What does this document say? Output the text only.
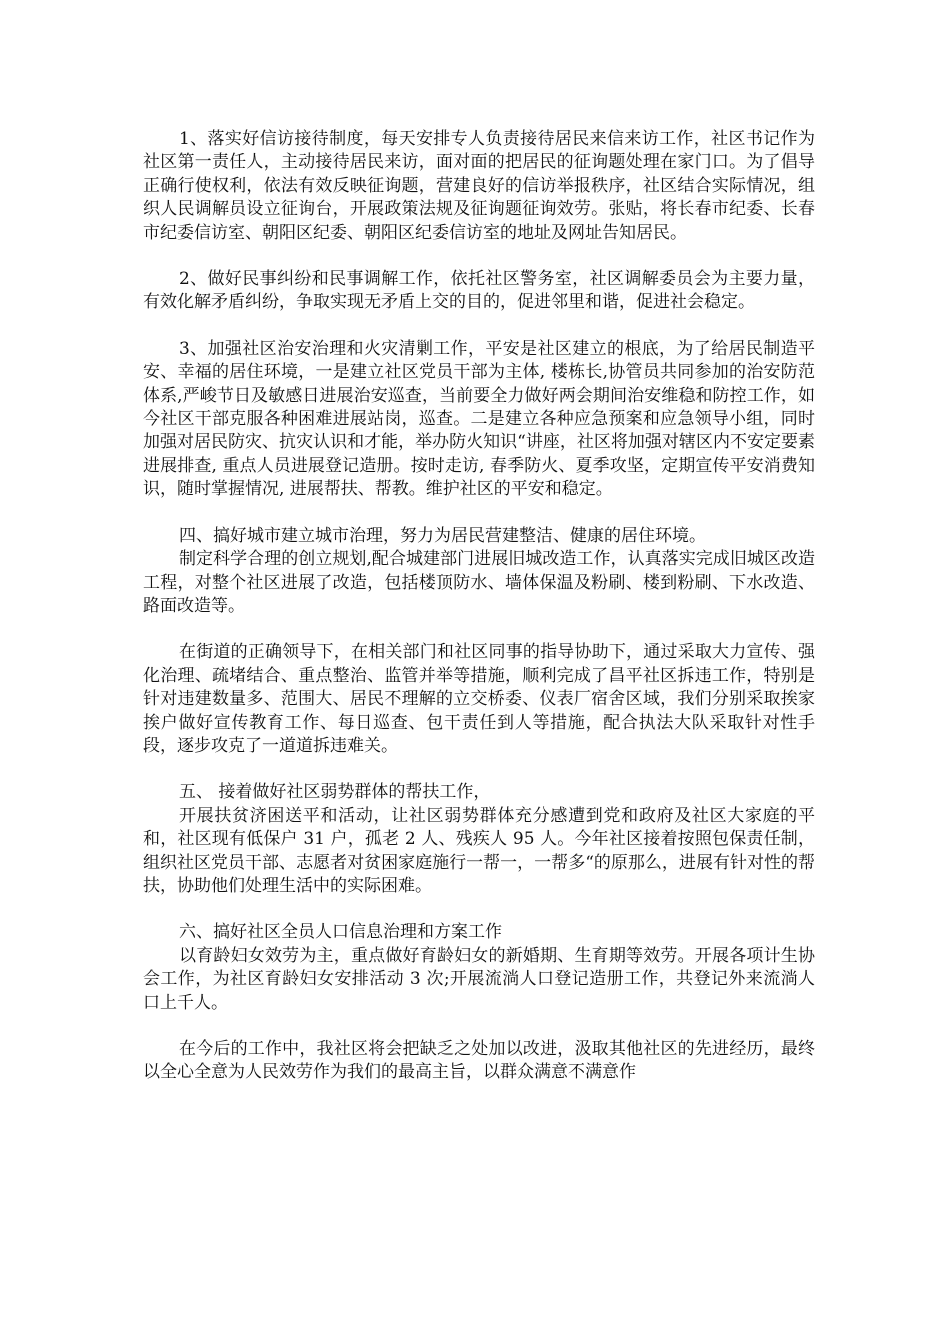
1、落实好信访接待制度，每天安排专人负责接待居民来信来访工作，社区书记作为社区第一责任人，主动接待居民来访，面对面的把居民的征询题处理在家门口。为了倡导正确行使权利，依法有效反映征询题，营建良好的信访举报秩序，社区结合实际情况，组织人民调解员设立征询台，开展政策法规及征询题征询效劳。张贴，将长春市纪委、长春市纪委信访室、朝阳区纪委、朝阳区纪委信访室的地址及网址告知居民。

2、做好民事纠纷和民事调解工作，依托社区警务室，社区调解委员会为主要力量，有效化解矛盾纠纷，争取实现无矛盾上交的目的，促进邻里和谐，促进社会稳定。

3、加强社区治安治理和火灾清剿工作，平安是社区建立的根底，为了给居民制造平安、幸福的居住环境，一是建立社区党员干部为主体, 楼栋长,协管员共同参加的治安防范体系,严峻节日及敏感日进展治安巡查，当前要全力做好两会期间治安维稳和防控工作，如今社区干部克服各种困难进展站岗，巡查。二是建立各种应急预案和应急领导小组，同时加强对居民防灾、抗灾认识和才能，举办防火知识“讲座，社区将加强对辖区内不安定要素进展排查, 重点人员进展登记造册。按时走访, 春季防火、夏季攻坚，定期宣传平安消费知识，随时掌握情况, 进展帮扶、帮教。维护社区的平安和稳定。

四、搞好城市建立城市治理，努力为居民营建整洁、健康的居住环境。

制定科学合理的创立规划,配合城建部门进展旧城改造工作，认真落实完成旧城区改造工程，对整个社区进展了改造，包括楼顶防水、墙体保温及粉刷、楼到粉刷、下水改造、路面改造等。

在街道的正确领导下，在相关部门和社区同事的指导协助下，通过采取大力宣传、强化治理、疏堵结合、重点整治、监管并举等措施，顺利完成了昌平社区拆违工作，特别是针对违建数量多、范围大、居民不理解的立交桥委、仪表厂宿舍区域，我们分别采取挨家挨户做好宣传教育工作、每日巡查、包干责任到人等措施，配合执法大队采取针对性手段，逐步攻克了一道道拆违难关。

五、 接着做好社区弱势群体的帮扶工作，

开展扶贫济困送平和活动，让社区弱势群体充分感遭到党和政府及社区大家庭的平和，社区现有低保户 31 户，孤老 2 人、残疾人 95 人。今年社区接着按照包保责任制，组织社区党员干部、志愿者对贫困家庭施行一帮一，一帮多“的原那么，进展有针对性的帮扶，协助他们处理生活中的实际困难。

六、搞好社区全员人口信息治理和方案工作

以育龄妇女效劳为主，重点做好育龄妇女的新婚期、生育期等效劳。开展各项计生协会工作，为社区育龄妇女安排活动 3 次;开展流淌人口登记造册工作，共登记外来流淌人口上千人。

在今后的工作中，我社区将会把缺乏之处加以改进，汲取其他社区的先进经历，最终以全心全意为人民效劳作为我们的最高主旨，以群众满意不满意作
